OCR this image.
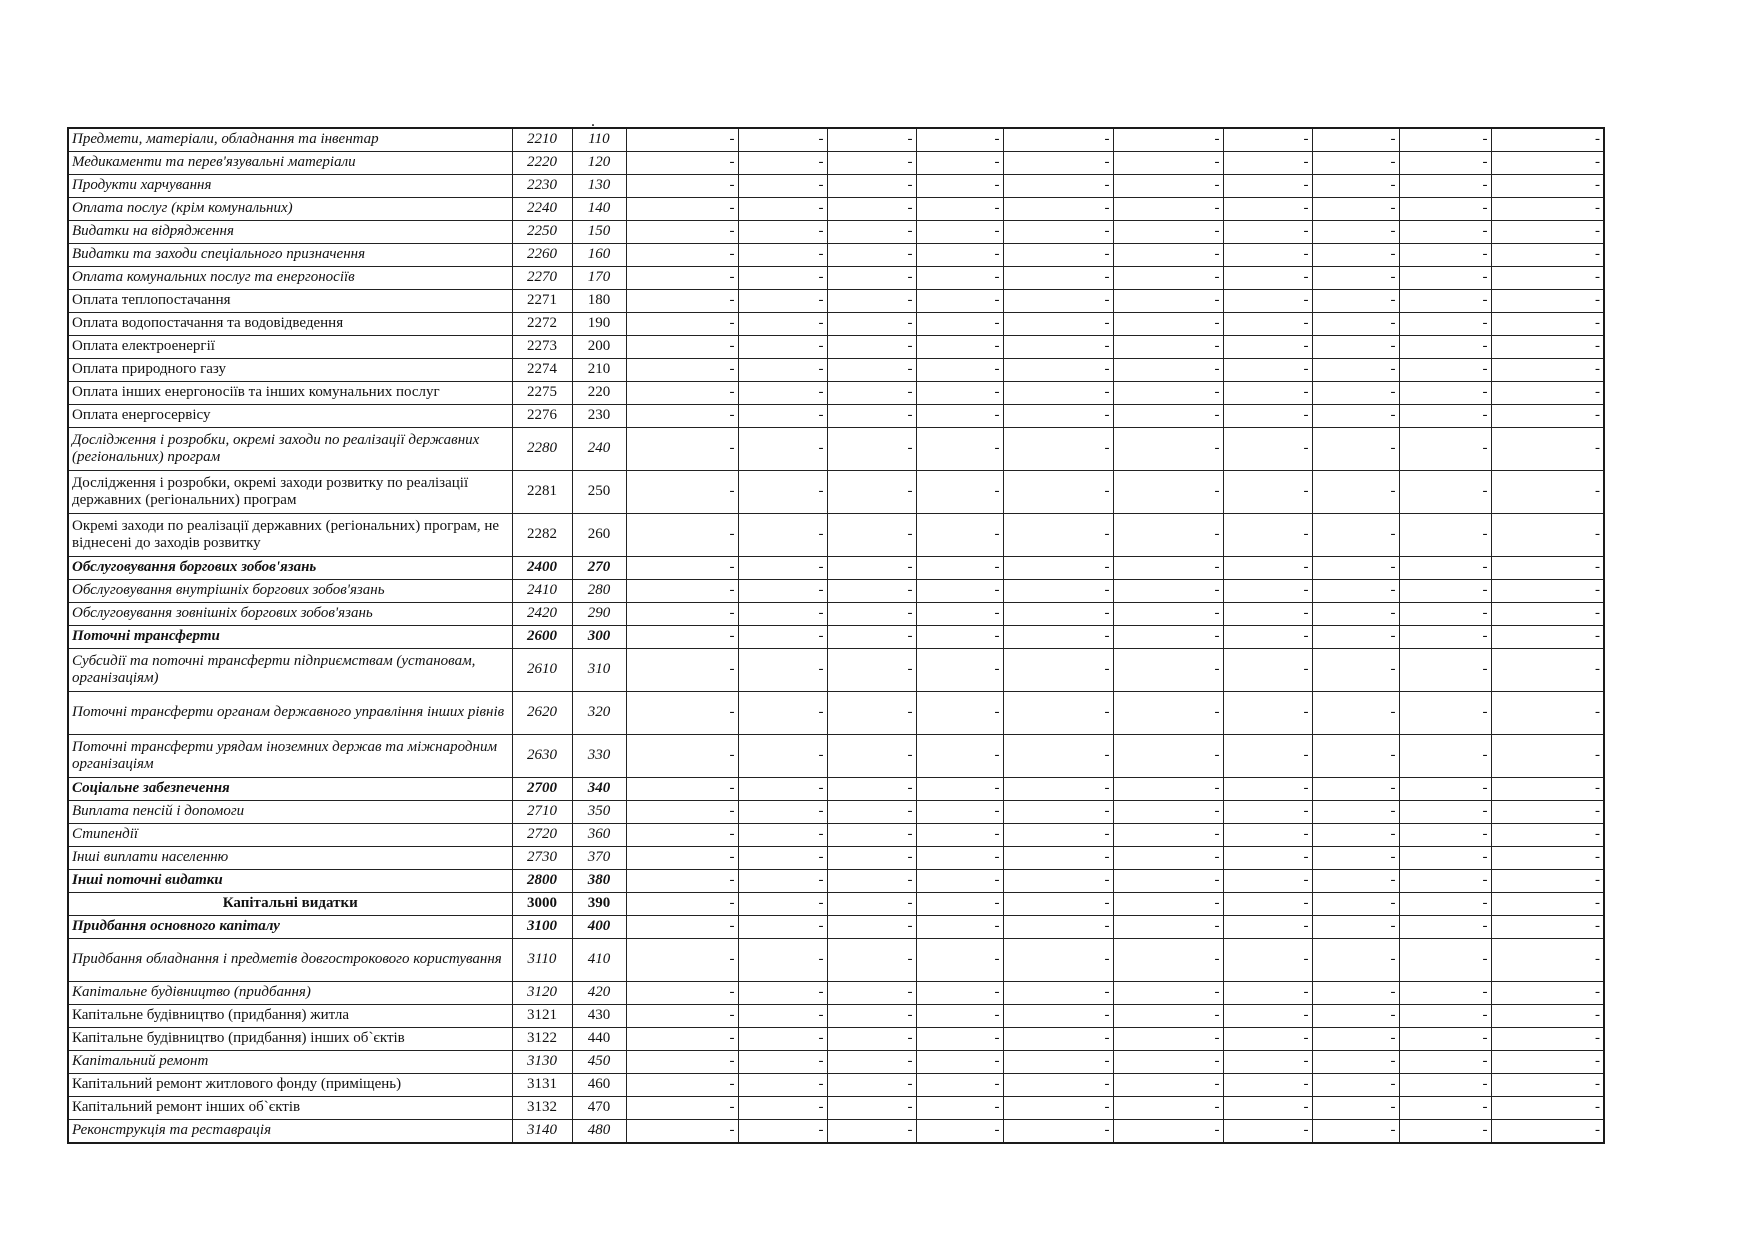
.
Предмети, матеріали, обладнання та інвентар	2210	110	-	-	-	-	-	-	-	-	-	-
Медикаменти та перев'язувальні матеріали	2220	120	-	-	-	-	-	-	-	-	-	-
Продукти харчування	2230	130	-	-	-	-	-	-	-	-	-	-
Оплата послуг (крім комунальних)	2240	140	-	-	-	-	-	-	-	-	-	-
Видатки на відрядження	2250	150	-	-	-	-	-	-	-	-	-	-
Видатки та заходи спеціального призначення	2260	160	-	-	-	-	-	-	-	-	-	-
Оплата комунальних послуг та енергоносіїв	2270	170	-	-	-	-	-	-	-	-	-	-
Оплата теплопостачання	2271	180	-	-	-	-	-	-	-	-	-	-
Оплата водопостачання та водовідведення	2272	190	-	-	-	-	-	-	-	-	-	-
Оплата електроенергії	2273	200	-	-	-	-	-	-	-	-	-	-
Оплата природного газу	2274	210	-	-	-	-	-	-	-	-	-	-
Оплата інших енергоносіїв та інших комунальних послуг	2275	220	-	-	-	-	-	-	-	-	-	-
Оплата енергосервісу	2276	230	-	-	-	-	-	-	-	-	-	-
Дослідження і розробки, окремі заходи по реалізації державних (регіональних) програм	2280	240	-	-	-	-	-	-	-	-	-	-
Дослідження і розробки, окремі заходи розвитку по реалізації державних (регіональних) програм	2281	250	-	-	-	-	-	-	-	-	-	-
Окремі заходи по реалізації державних (регіональних) програм, не віднесені до заходів розвитку	2282	260	-	-	-	-	-	-	-	-	-	-
Обслуговування боргових зобов'язань	2400	270	-	-	-	-	-	-	-	-	-	-
Обслуговування внутрішніх боргових зобов'язань	2410	280	-	-	-	-	-	-	-	-	-	-
Обслуговування зовнішніх боргових зобов'язань	2420	290	-	-	-	-	-	-	-	-	-	-
Поточні трансферти	2600	300	-	-	-	-	-	-	-	-	-	-
Субсидії та поточні трансферти підприємствам (установам, організаціям)	2610	310	-	-	-	-	-	-	-	-	-	-
Поточні трансферти органам державного управління інших рівнів	2620	320	-	-	-	-	-	-	-	-	-	-
Поточні трансферти урядам іноземних держав та міжнародним організаціям	2630	330	-	-	-	-	-	-	-	-	-	-
Соціальне забезпечення	2700	340	-	-	-	-	-	-	-	-	-	-
Виплата пенсій і допомоги	2710	350	-	-	-	-	-	-	-	-	-	-
Стипендії	2720	360	-	-	-	-	-	-	-	-	-	-
Інші виплати населенню	2730	370	-	-	-	-	-	-	-	-	-	-
Інші поточні видатки	2800	380	-	-	-	-	-	-	-	-	-	-
Капітальні видатки	3000	390	-	-	-	-	-	-	-	-	-	-
Придбання основного капіталу	3100	400	-	-	-	-	-	-	-	-	-	-
Придбання обладнання і предметів довгострокового користування	3110	410	-	-	-	-	-	-	-	-	-	-
Капітальне будівництво (придбання)	3120	420	-	-	-	-	-	-	-	-	-	-
Капітальне будівництво (придбання) житла	3121	430	-	-	-	-	-	-	-	-	-	-
Капітальне будівництво (придбання) інших об`єктів	3122	440	-	-	-	-	-	-	-	-	-	-
Капітальний ремонт	3130	450	-	-	-	-	-	-	-	-	-	-
Капітальний ремонт житлового фонду (приміщень)	3131	460	-	-	-	-	-	-	-	-	-	-
Капітальний ремонт інших об`єктів	3132	470	-	-	-	-	-	-	-	-	-	-
Реконструкція та реставрація	3140	480	-	-	-	-	-	-	-	-	-	-
